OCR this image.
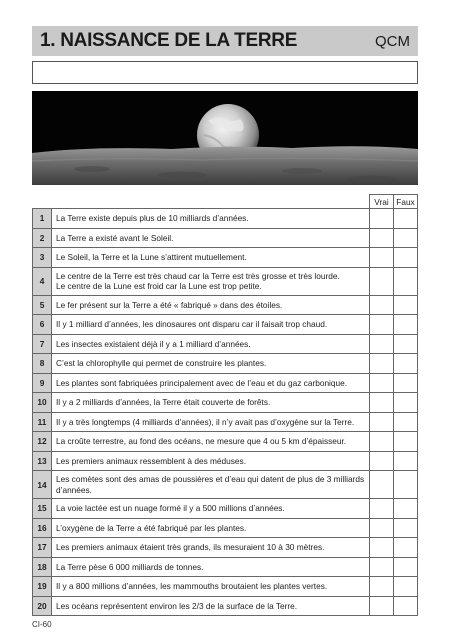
1. NAISSANCE DE LA TERRE	QCM
		Vrai	Faux
1	La Terre existe depuis plus de 10 milliards d’années.		

2	La Terre a existé avant le Soleil.		

3	Le Soleil, la Terre et la Lune s’attirent mutuellement.		

4	Le centre de la Terre est très chaud car la Terre est très grosse et très lourde.
Le centre de la Lune est froid car la Lune est trop petite.		

5	Le fer présent sur la Terre a été « fabriqué » dans des étoiles.		

6	Il y 1 milliard d’années, les dinosaures ont disparu car il faisait trop chaud.		

7	Les insectes existaient déjà il y a 1 milliard d’années.		

8	C’est la chlorophylle qui permet de construire les plantes.		

9	Les plantes sont fabriquées principalement avec de l’eau et du gaz carbonique.		

10	Il y a 2 milliards d’années, la Terre était couverte de forêts.		

11	Il y a très longtemps (4 milliards d’années), il n’y avait pas d’oxygène sur la Terre.		

12	La croûte terrestre, au fond des océans, ne mesure que 4 ou 5 km d’épaisseur.		

13	Les premiers animaux ressemblent à des méduses.		

14	Les comètes sont des amas de poussières et d’eau qui datent de plus de 3 milliards
d’années.		

15	La voie lactée est un nuage formé il y a 500 millions d’années.		

16	L’oxygène de la Terre a été fabriqué par les plantes.		

17	Les premiers animaux étaient très grands, ils mesuraient 10 à 30 mètres.		

18	La Terre pèse 6 000 milliards de tonnes.		

19	Il y a 800 millions d’années, les mammouths broutaient les plantes vertes.		

20	Les océans représentent environ les 2/3 de la surface de la Terre.		

CI-60
